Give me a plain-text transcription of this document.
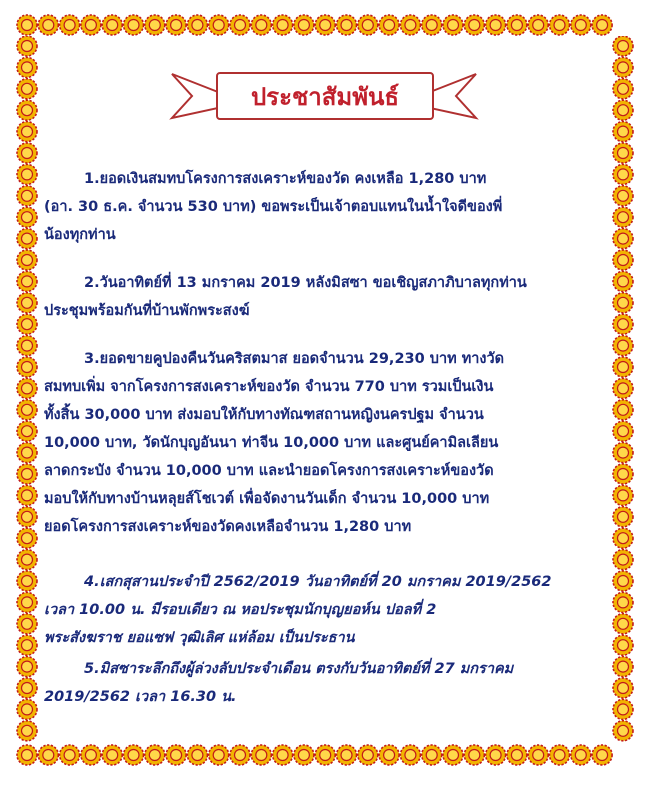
ประชาสัมพันธ์
1.ยอดเงินสมทบโครงการสงเคราะห์ของวัด คงเหลือ 1,280 บาท
(อา. 30 ธ.ค. จำนวน 530 บาท) ขอพระเป็นเจ้าตอบแทนในน้ำใจดีของพี่
น้องทุกท่าน
2.วันอาทิตย์ที่ 13 มกราคม 2019 หลังมิสซา ขอเชิญสภาภิบาลทุกท่าน
ประชุมพร้อมกันที่บ้านพักพระสงฆ์
3.ยอดขายคูปองคืนวันคริสตมาส ยอดจำนวน 29,230 บาท ทางวัด
สมทบเพิ่ม จากโครงการสงเคราะห์ของวัด จำนวน 770 บาท รวมเป็นเงิน
ทั้งสิ้น 30,000 บาท ส่งมอบให้กับทางทัณฑสถานหญิงนครปฐม จำนวน
10,000 บาท, วัดนักบุญอันนา ท่าจีน 10,000 บาท และศูนย์คามิลเลียน
ลาดกระบัง จำนวน 10,000 บาท และนำยอดโครงการสงเคราะห์ของวัด
มอบให้กับทางบ้านหลุยส์โชเวต์ เพื่อจัดงานวันเด็ก จำนวน 10,000 บาท
ยอดโครงการสงเคราะห์ของวัดคงเหลือจำนวน 1,280 บาท
4.เสกสุสานประจำปี 2562/2019 วันอาทิตย์ที่ 20 มกราคม 2019/2562
เวลา 10.00 น. มีรอบเดียว ณ หอประชุมนักบุญยอห์น ปอลที่ 2
พระสังฆราช ยอแซฟ วุฒิเลิศ แห่ล้อม เป็นประธาน
5.มิสซาระลึกถึงผู้ล่วงลับประจำเดือน ตรงกับวันอาทิตย์ที่ 27 มกราคม
2019/2562 เวลา 16.30 น.
